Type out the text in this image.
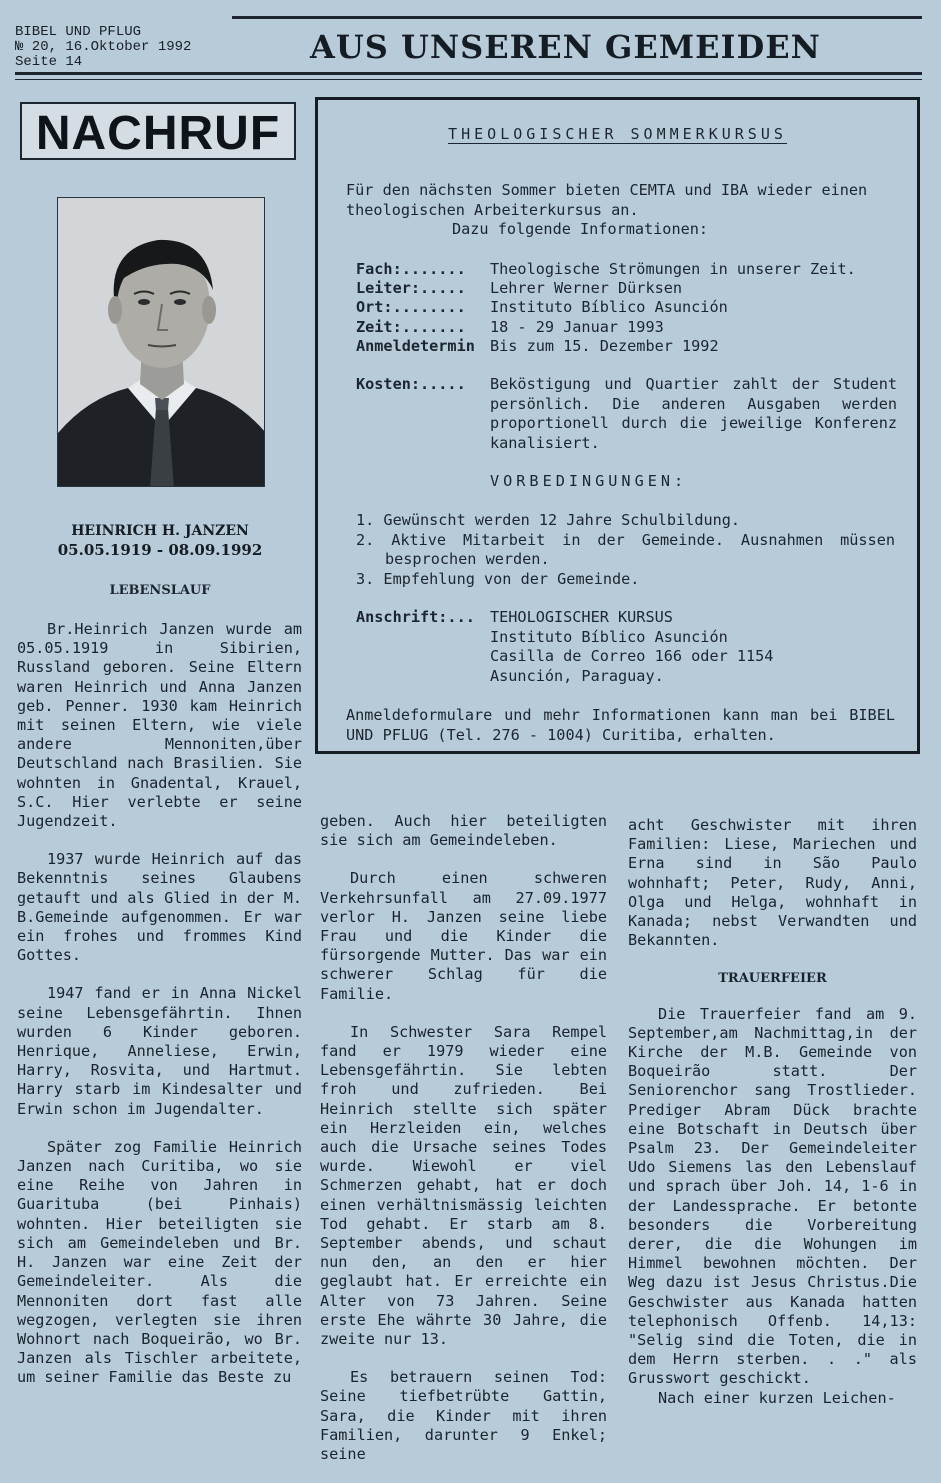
BIBEL UND PFLUG
№ 20, 16.Oktober 1992
Seite 14	AUS UNSEREN GEMEIDEN
NACHRUF
HEINRICH H. JANZEN
05.05.1919 - 08.09.1992
LEBENSLAUF

Br.Heinrich Janzen wurde am 05.05.1919 in Sibirien, Russland geboren. Seine Eltern waren Heinrich und Anna Janzen geb. Penner. 1930 kam Heinrich mit seinen Eltern, wie viele andere Mennoniten,über Deutschland nach Brasilien. Sie wohnten in Gnadental, Krauel, S.C. Hier verlebte er seine Jugendzeit.

1937 wurde Heinrich auf das Bekenntnis seines Glaubens getauft und als Glied in der M. B.Gemeinde aufgenommen. Er war ein frohes und frommes Kind Gottes.

1947 fand er in Anna Nickel seine Lebensgefährtin. Ihnen wurden 6 Kinder geboren. Henrique, Anneliese, Erwin, Harry, Rosvita, und Hartmut. Harry starb im Kindesalter und Erwin schon im Jugendalter.

Später zog Familie Heinrich Janzen nach Curitiba, wo sie eine Reihe von Jahren in Guarituba (bei Pinhais) wohnten. Hier beteiligten sie sich am Gemeindeleben und Br. H. Janzen war eine Zeit der Gemeindeleiter. Als die Mennoniten dort fast alle wegzogen, verlegten sie ihren Wohnort nach Boqueirão, wo Br. Janzen als Tischler arbeitete, um seiner Familie das Beste zu

geben. Auch hier beteiligten sie sich am Gemeindeleben.

Durch einen schweren Verkehrsunfall am 27.09.1977 verlor H. Janzen seine liebe Frau und die Kinder die fürsorgende Mutter. Das war ein schwerer Schlag für die Familie.

In Schwester Sara Rempel fand er 1979 wieder eine Lebensgefährtin. Sie lebten froh und zufrieden. Bei Heinrich stellte sich später ein Herzleiden ein, welches auch die Ursache seines Todes wurde. Wiewohl er viel Schmerzen gehabt, hat er doch einen verhältnismässig leichten Tod gehabt. Er starb am 8. September abends, und schaut nun den, an den er hier geglaubt hat. Er erreichte ein Alter von 73 Jahren. Seine erste Ehe währte 30 Jahre, die zweite nur 13.

Es betrauern seinen Tod: Seine tiefbetrübte Gattin, Sara, die Kinder mit ihren Familien, darunter 9 Enkel; seine

acht Geschwister mit ihren Familien: Liese, Mariechen und Erna sind in São Paulo wohnhaft; Peter, Rudy, Anni, Olga und Helga, wohnhaft in Kanada; nebst Verwandten und Bekannten.

TRAUERFEIER

Die Trauerfeier fand am 9. September,am Nachmittag,in der Kirche der M.B. Gemeinde von Boqueirão statt. Der Seniorenchor sang Trostlieder. Prediger Abram Dück brachte eine Botschaft in Deutsch über Psalm 23. Der Gemeindeleiter Udo Siemens las den Lebenslauf und sprach über Joh. 14, 1-6 in der Landessprache. Er betonte besonders die Vorbereitung derer, die die Wohungen im Himmel bewohnen möchten. Der Weg dazu ist Jesus Christus.Die Geschwister aus Kanada hatten telephonisch Offenb. 14,13: "Selig sind die Toten, die in dem Herrn sterben. . ." als Grusswort geschickt.

Nach einer kurzen Leichen-

THEOLOGISCHER SOMMERKURSUS
Für den nächsten Sommer bieten CEMTA und IBA wieder einen theologischen Arbeiterkursus an.
Dazu folgende Informationen:
Fach:.......	Theologische Strömungen in unserer Zeit.
Leiter:.....	Lehrer Werner Dürksen
Ort:........	Instituto Bíblico Asunción
Zeit:.......	18 - 29 Januar 1993
Anmeldetermin Bis zum 15. Dezember 1992
Kosten:.....	Beköstigung und Quartier zahlt der Student persönlich. Die anderen Ausgaben werden proportionell durch die jeweilige Konferenz kanalisiert.
VORBEDINGUNGEN:
1. Gewünscht werden 12 Jahre Schulbildung.
2. Aktive Mitarbeit in der Gemeinde. Ausnahmen müssen besprochen werden.
3. Empfehlung von der Gemeinde.
Anschrift:... TEHOLOGISCHER KURSUS
Instituto Bíblico Asunción
Casilla de Correo 166 oder 1154
Asunción, Paraguay.
Anmeldeformulare und mehr Informationen kann man bei BIBEL UND PFLUG (Tel. 276 - 1004) Curitiba, erhalten.
